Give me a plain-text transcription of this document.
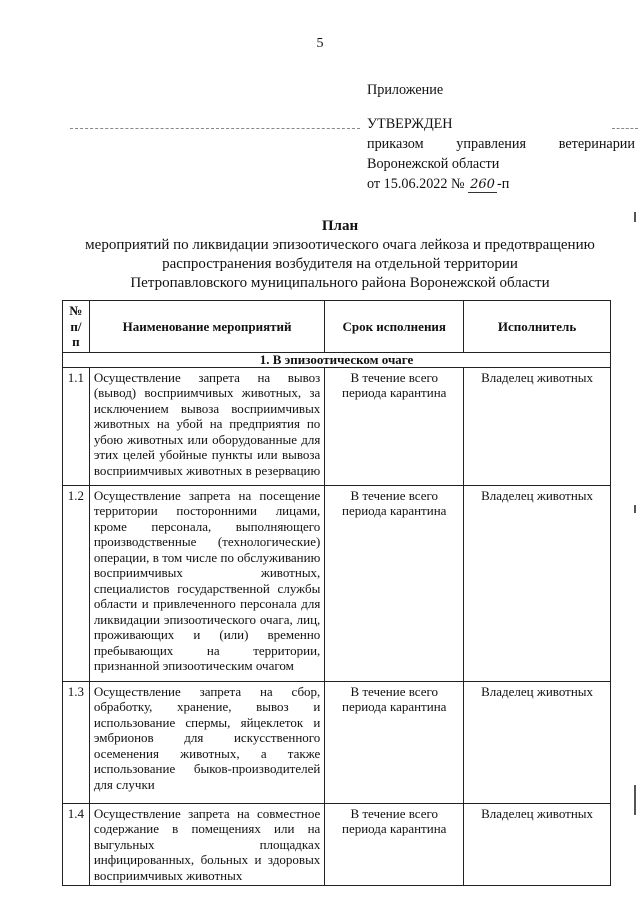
5
Приложение
УТВЕРЖДЕН
приказом управления ветеринарии
Воронежской области
от 15.06.2022 № 260 -п
План
мероприятий по ликвидации эпизоотического очага лейкоза и предотвращению
распространения возбудителя на отдельной территории
Петропавловского муниципального района Воронежской области
№ п/п	Наименование мероприятий	Срок исполнения	Исполнитель
1. В эпизоотическом очаге			
1.1	Осуществление запрета на вывоз (вывод) восприимчивых животных, за исключением вывоза восприимчивых животных на убой на предприятия по убою животных или оборудованные для этих целей убойные пункты или вывоза восприимчивых животных в резервацию	В течение всего периода карантина	Владелец животных
1.2	Осуществление запрета на посещение территории посторонними лицами, кроме персонала, выполняющего производственные (технологические) операции, в том числе по обслуживанию восприимчивых животных, специалистов государственной службы области и привлеченного персонала для ликвидации эпизоотического очага, лиц, проживающих и (или) временно пребывающих на территории, признанной эпизоотическим очагом	В течение всего периода карантина	Владелец животных
1.3	Осуществление запрета на сбор, обработку, хранение, вывоз и использование спермы, яйцеклеток и эмбрионов для искусственного осеменения животных, а также использование быков-производителей для случки	В течение всего периода карантина	Владелец животных
1.4	Осуществление запрета на совместное содержание в помещениях или на выгульных площадках инфицированных, больных и здоровых восприимчивых животных	В течение всего периода карантина	Владелец животных
